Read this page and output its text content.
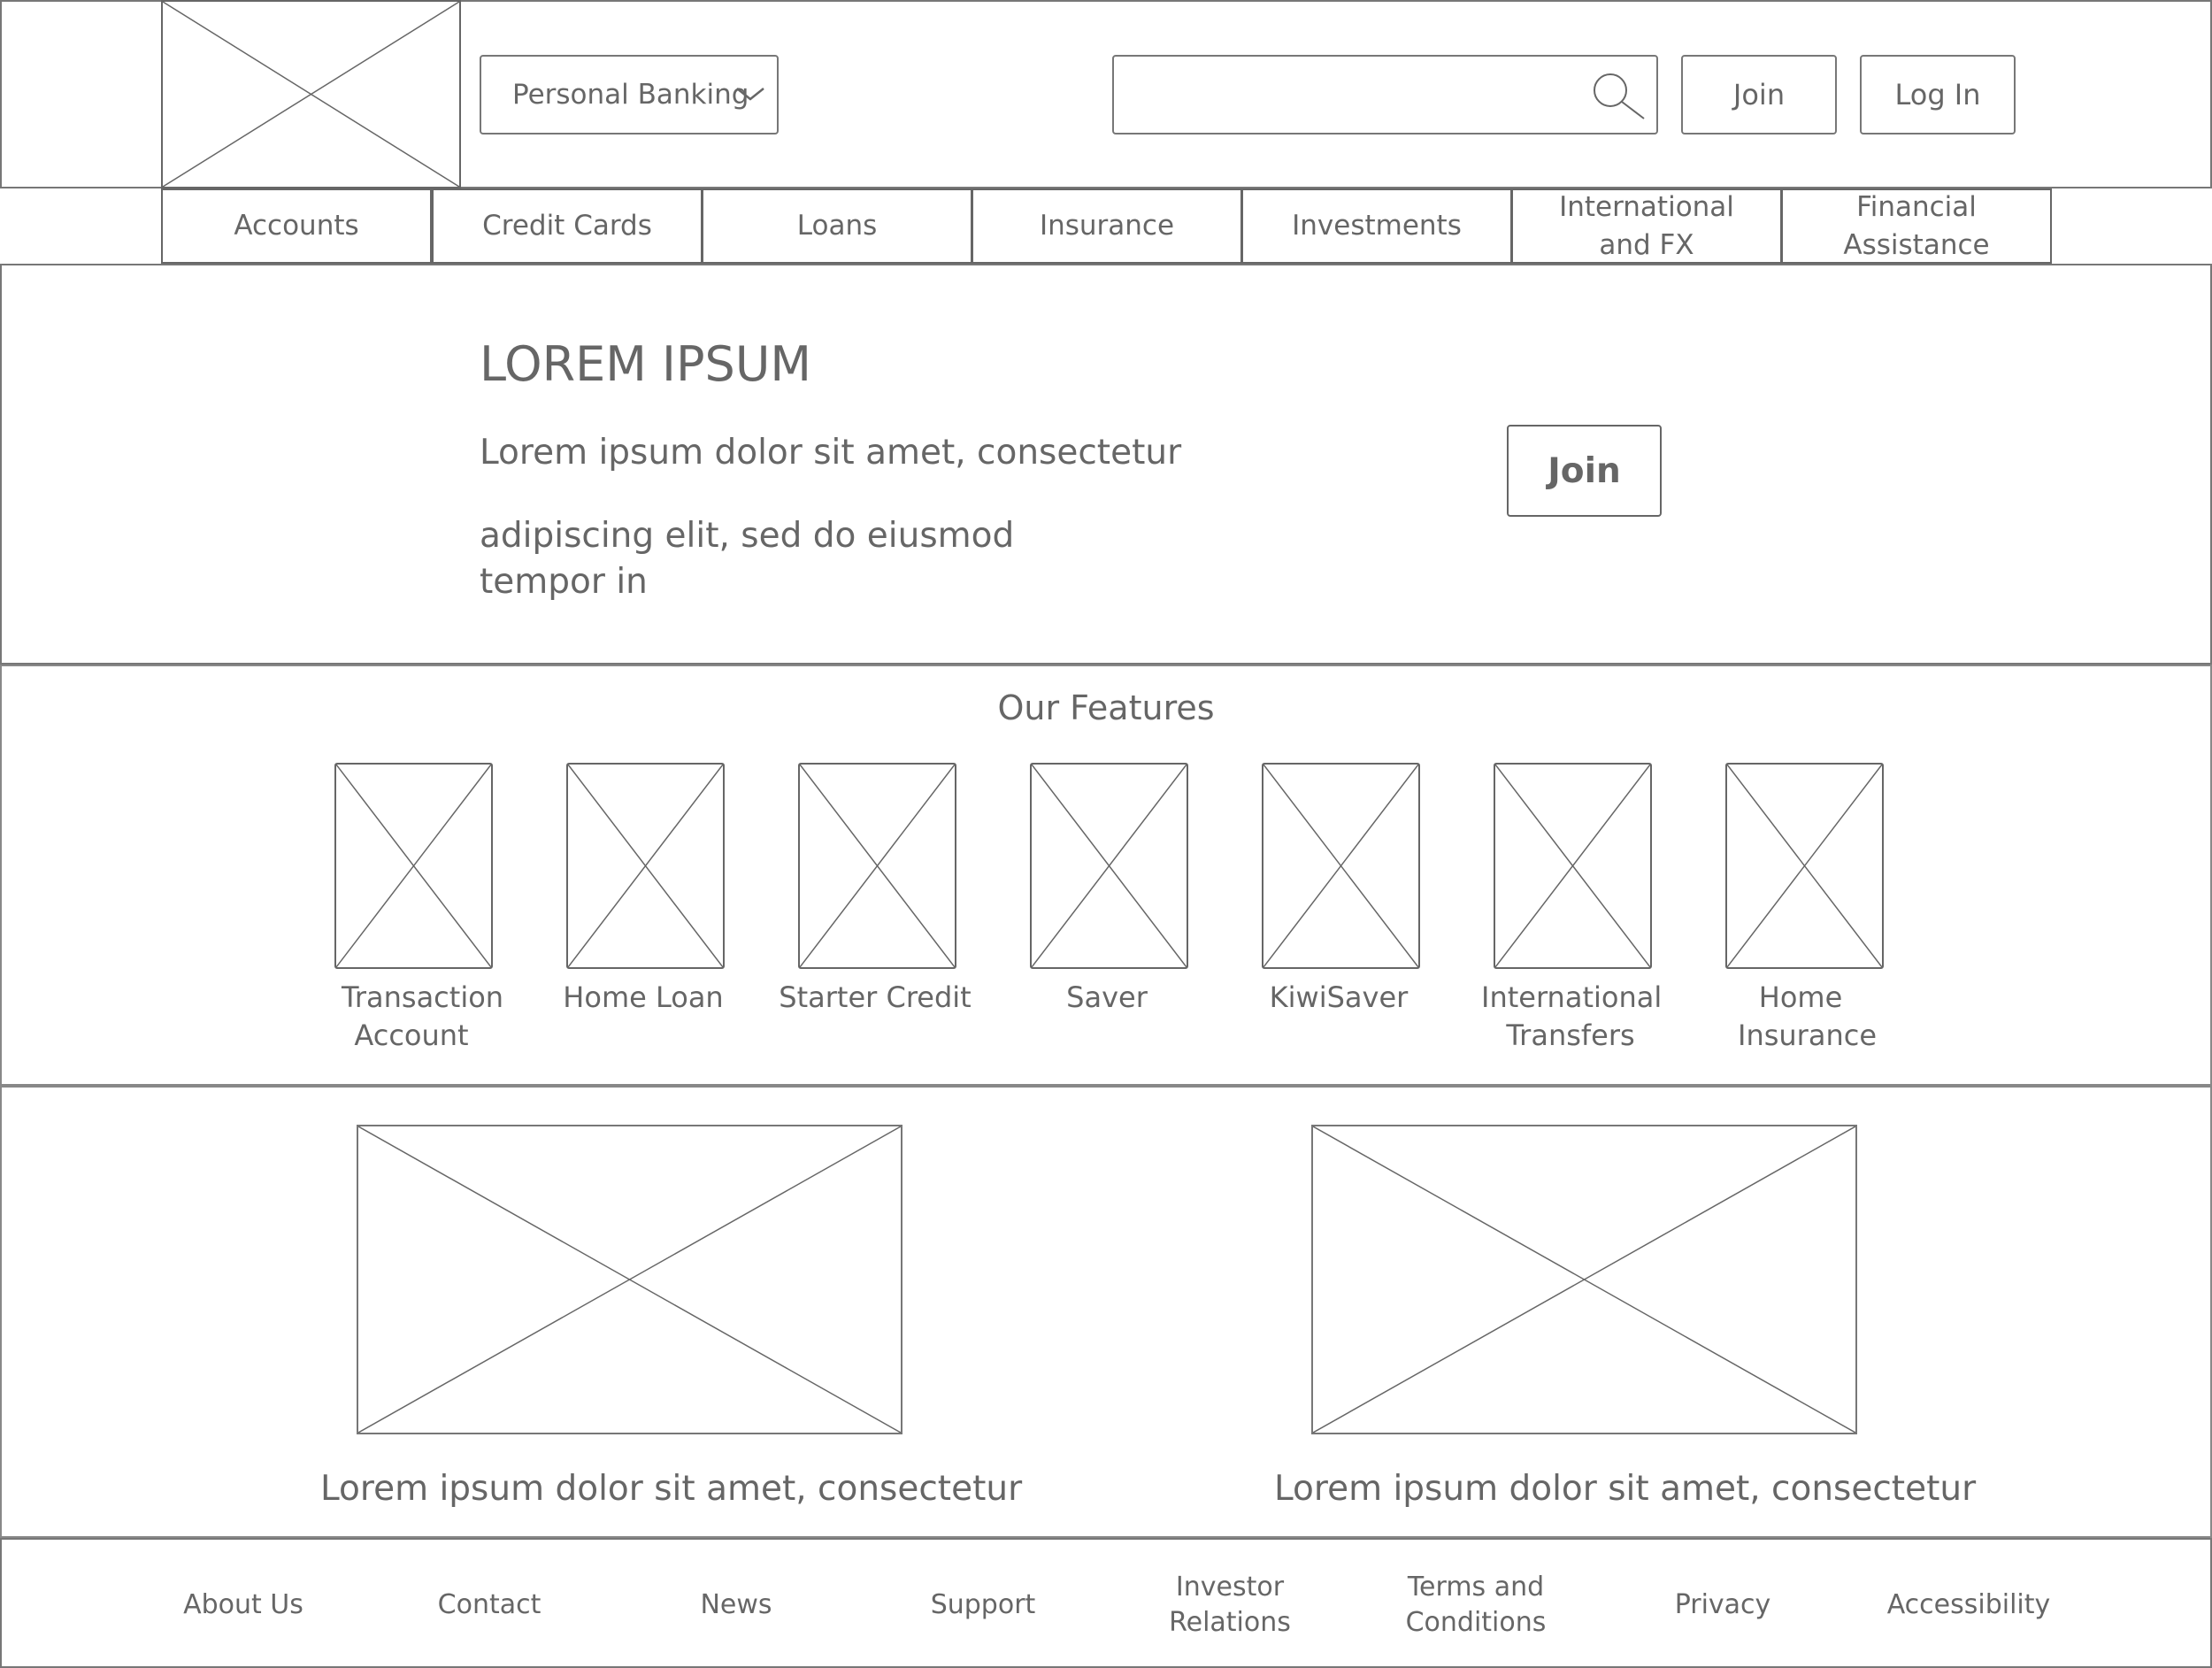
Personal Banking	Join	Log In
Accounts	Credit Cards	Loans	Insurance	Investments
International and FX
Financial Assistance
LOREM IPSUM
Lorem ipsum dolor sit amet, consectetur
adipiscing elit, sed do eiusmod tempor in
Join
Our Features
Transaction Account
Home Loan	Starter Credit	Saver	KiwiSaver	International Transfers
Home Insurance
Lorem ipsum dolor sit amet, consectetur	Lorem ipsum dolor sit amet, consectetur
About Us	Contact	News	Support
Investor Relations
Terms and Conditions
Privacy	Accessibility
